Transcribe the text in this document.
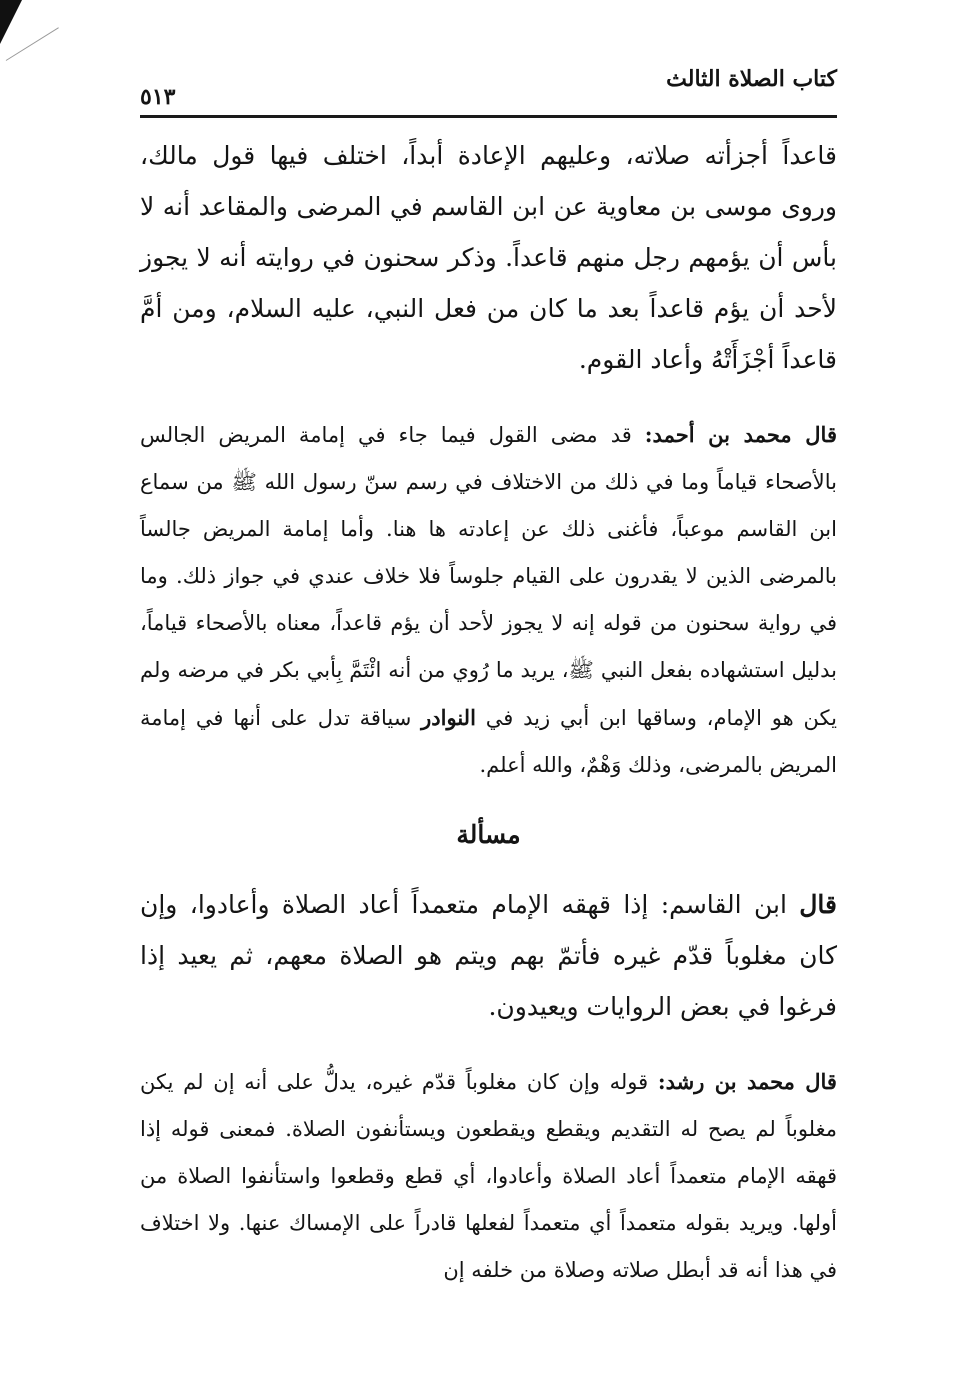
كتاب الصلاة الثالث
٥١٣

قاعداً أجزأته صلاته، وعليهم الإعادة أبداً، اختلف فيها قول مالك، وروى موسى بن معاوية عن ابن القاسم في المرضى والمقاعد أنه لا بأس أن يؤمهم رجل منهم قاعداً. وذكر سحنون في روايته أنه لا يجوز لأحد أن يؤم قاعداً بعد ما كان من فعل النبي، عليه السلام، ومن أمَّ قاعداً أجْزَأَتْهُ وأعاد القوم.

قال محمد بن أحمد: قد مضى القول فيما جاء في إمامة المريض الجالس بالأصحاء قياماً وما في ذلك من الاختلاف في رسم سنّ رسول الله ﷺ من سماع ابن القاسم موعباً، فأغنى ذلك عن إعادته ها هنا. وأما إمامة المريض جالساً بالمرضى الذين لا يقدرون على القيام جلوساً فلا خلاف عندي في جواز ذلك. وما في رواية سحنون من قوله إنه لا يجوز لأحد أن يؤم قاعداً، معناه بالأصحاء قياماً، بدليل استشهاده بفعل النبي ﷺ، يريد ما رُوي من أنه ائْتَمَّ بِأبي بكر في مرضه ولم يكن هو الإمام، وساقها ابن أبي زيد في النوادر سياقة تدل على أنها في إمامة المريض بالمرضى، وذلك وَهْمٌ، والله أعلم.

مسألة

قال ابن القاسم: إذا قهقه الإمام متعمداً أعاد الصلاة وأعادوا، وإن كان مغلوباً قدّم غيره فأتمّ بهم ويتم هو الصلاة معهم، ثم يعيد إذا فرغوا في بعض الروايات ويعيدون.

قال محمد بن رشد: قوله وإن كان مغلوباً قدّم غيره، يدلُّ على أنه إن لم يكن مغلوباً لم يصح له التقديم ويقطع ويقطعون ويستأنفون الصلاة. فمعنى قوله إذا قهقه الإمام متعمداً أعاد الصلاة وأعادوا، أي قطع وقطعوا واستأنفوا الصلاة من أولها. ويريد بقوله متعمداً أي متعمداً لفعلها قادراً على الإمساك عنها. ولا اختلاف في هذا أنه قد أبطل صلاته وصلاة من خلفه إن
